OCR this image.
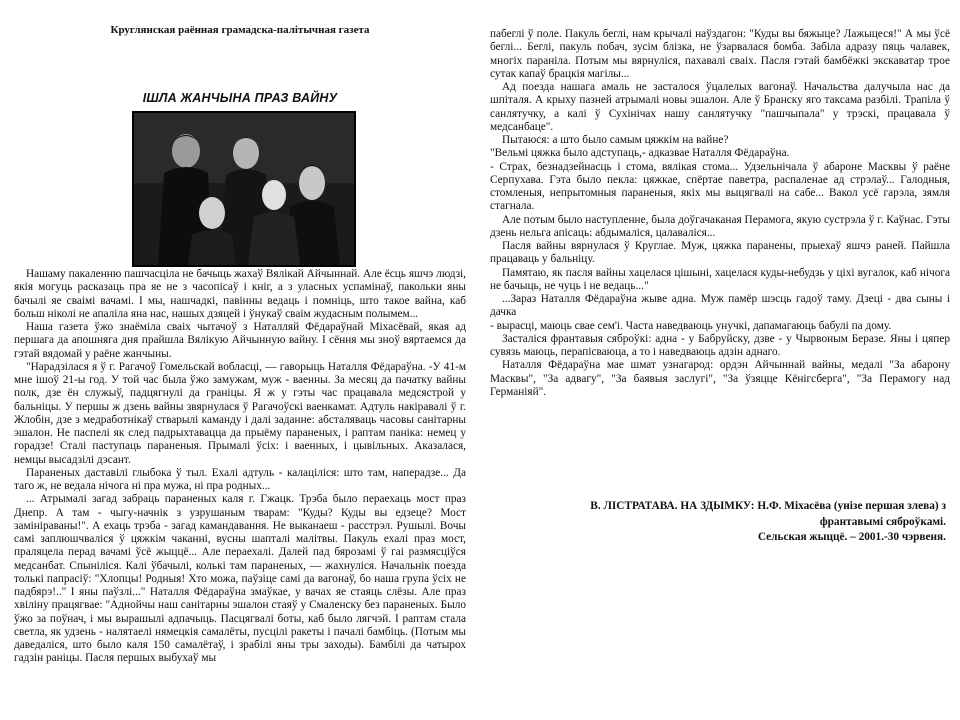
Круглянская раённая грамадска-палітычная газета
ІШЛА ЖАНЧЫНА ПРАЗ ВАЙНУ

Нашаму пакаленню пашчасціла не бачыць жахаў Вялікай Айчыннай. Але ёсць яшчэ людзі, якія могуць расказаць пра яе не з часопісаў і кніг, а з уласных успамінаў, пакольки яны бачылі яе сваімі вачамі. І мы, нашчадкі, павінны ведаць і помніць, што такое вайна, каб больш ніколі не апаліла яна нас, нашых дзяцей і ўнукаў сваім жудасным полымем...

Наша газета ўжо знаёміла сваіх чытачоў з Наталляй Фёдараўнай Міхасёвай, якая ад першага да апошняга дня прайшла Вялікую Айчынную вайну. І сёння мы зноў вяртаемся да гэтай вядомай у раёне жанчыны.

"Нарадзілася я ў г. Рагачоў Гомельскай вобласці, — гаворыць Наталля Фёдараўна. -У 41-м мне ішоў 21-ы год. У той час была ўжо замужам, муж - ваенны. За месяц да пачатку вайны полк, дзе ён служыў, падцягнулі да граніцы. Я ж у гэты час працавала медсястрой у бальніцы. У першы ж дзень вайны звярнулася ў Рагачоўскі ваенкамат. Адтуль накіравалі ў г. Жлобін, дзе з медработнікаў стварылі каманду і далі заданне: абсталяваць часовы санітарны эшалон. Не паспелі як след падрыхтавацца да прыёму параненых, і раптам паніка: немец у горадзе! Сталі паступаць параненыя. Прымалі ўсіх: і ваенных, і цывільных. Аказалася, немцы высадзілі дэсант.

Параненых даставілі глыбока ў тыл. Ехалі адтуль - калаціліся: што там, наперадзе... Да таго ж, не ведала нічога ні пра мужа, ні пра родных...

... Атрымалі загад забраць параненых каля г. Гжацк. Трэба было пераехаць мост праз Днепр. А там - чыгу-начнік з узрушаным тварам: "Куды? Куды вы едзеце? Мост замініраваны!". А ехаць трэба - загад камандавання. Не выканаеш - расстрэл. Рушылі. Вочы самі заплюшчваліся ў цяжкім чаканні, вусны шапталі малітвы. Пакуль ехалі праз мост, праляцела перад вачамі ўсё жыццё... Але пераехалі. Далей пад бярозамі ў гаі размясціўся медсанбат. Спыніліся. Калі ўбачылі, колькі там параненых, — жахнуліся. Начальнік поезда толькі папрасіў: "Хлопцы! Родныя! Хто можа, паўзіце самі да вагонаў, бо наша група ўсіх не падбярэ!.." І яны паўзлі..." Наталля Фёдараўна змаўкае, у вачах яе стаяць слёзы. Але праз хвіліну працягвае: "Аднойчы наш санітарны эшалон стаяў у Смаленску без параненых. Было ўжо за поўнач, і мы вырашылі адпачыць. Пасцягвалі боты, каб было лягчэй. І раптам стала светла, як удзень - налятаелі нямецкія самалёты, пусцілі ракеты і пачалі бамбіць. (Потым мы даведаліся, што было каля 150 самалётаў, і зрабілі яны тры заходы). Бамбілі да чатырох гадзін раніцы. Пасля першых выбухаў мы

пабеглі ў поле. Пакуль беглі, нам крычалі наўздагон: "Куды вы бяжыце? Лажыцеся!" А мы ўсё беглі... Беглі, пакуль побач, зусім блізка, не ўзарвалася бомба. Забіла адразу пяць чалавек, многіх параніла. Потым мы вярнуліся, пахавалі сваіх. Пасля гэтай бамбёжкі экскаватар трое сутак капаў брацкія магілы...

Ад поезда нашага амаль не засталося ўцалелых вагонаў. Начальства далучыла нас да шпіталя. А крыху пазней атрымалі новы эшалон. Але ў Бранску яго таксама разбілі. Трапіла ў санлятучку, а калі ў Сухінічах нашу санлятучку "пашчыпала" у трэскі, працавала ў медсанбаце".

Пытаюся: а што было самым цяжкім на вайне?

"Вельмі цяжка было адступаць,- адказвае Наталля Фёдараўна.

- Страх, безнадзейнасць і стома, вялікая стома... Удзельнічала ў абароне Масквы ў раёне Серпухава. Гэта было пекла: цяжкае, спёртае паветра, распаленае ад стрэлаў... Галодныя, стомленыя, непрытомныя параненыя, якіх мы выцягвалі на сабе... Вакол усё гарэла, зямля стагнала.

Але потым было наступленне, была доўгачаканая Перамога, якую сустрэла ў г. Каўнас. Гэты дзень нельга апісаць: абдымаліся, цалаваліся...

Пасля вайны вярнулася ў Круглае. Муж, цяжка паранены, прыехаў яшчэ раней. Пайшла працаваць у бальніцу.

Памятаю, як пасля вайны хацелася цішыні, хацелася куды-небудзь у ціхі вугалок, каб нічога не бачыць, не чуць і не ведаць..."

...Зараз Наталля Фёдараўна жыве адна. Муж памёр шэсць гадоў таму. Дзеці - два сыны і дачка

- вырасці, маюць свае сем'і. Часта наведваюць унучкі, дапамагаюць бабулі па дому.

Засталіся франтавыя сяброўкі: адна - у Бабруйску, дзве - у Чырвоным Беразе. Яны і цяпер сувязь маюць, перапісваюца, а то і наведваюць адзін аднаго.

Наталля Фёдараўна мае шмат узнагарод: ордэн Айчыннай вайны, медалі "За абарону Масквы", "За адвагу", "За баявыя заслугі", "За ўзяцце Кёнігсберга", "За Перамогу над Германіяй".

В. ЛІСТРАТАВА. НА ЗДЫМКУ: Н.Ф. Міхасёва (унізе першая злева) з
франтавымі сяброўкамі.
Сельская жыццё. – 2001.-30 чэрвеня.
